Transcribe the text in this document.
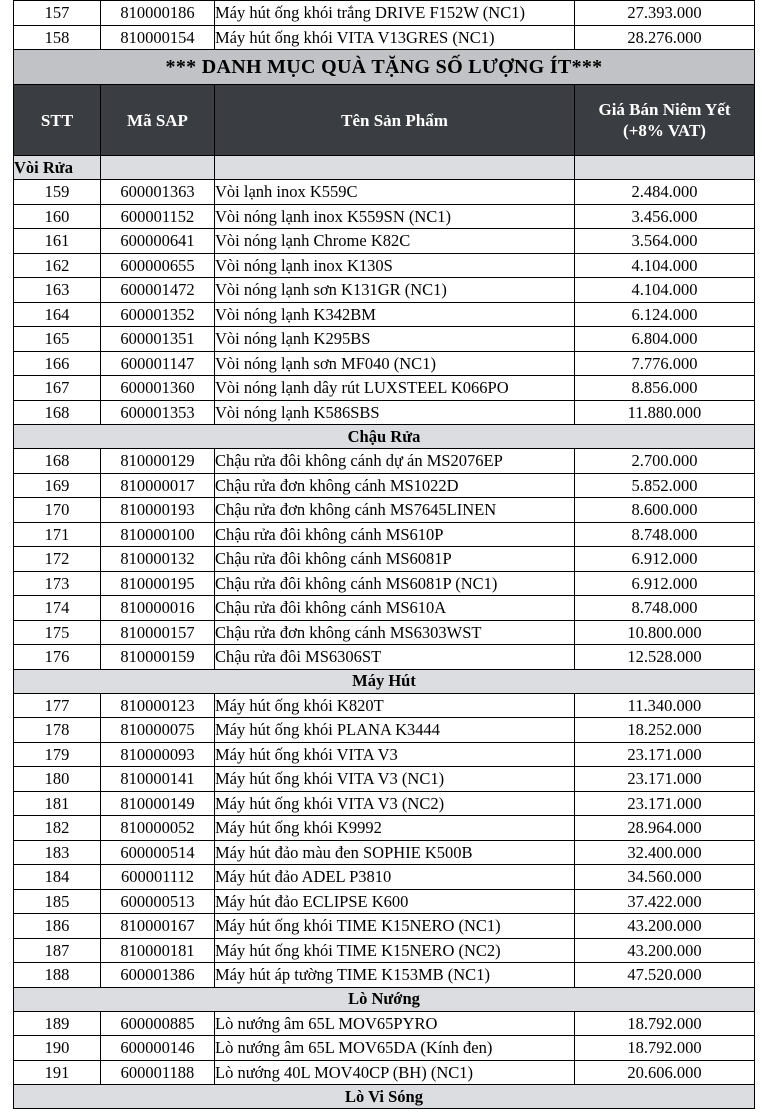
157	810000186	Máy hút ống khói trắng DRIVE F152W (NC1)	27.393.000
158	810000154	Máy hút ống khói VITA V13GRES (NC1)	28.276.000
*** DANH MỤC QUÀ TẶNG SỐ LƯỢNG ÍT***			
STT	Mã SAP	Tên Sản Phẩm	Giá Bán Niêm Yết
(+8% VAT)
Vòi Rửa			
159	600001363	Vòi lạnh inox K559C	2.484.000
160	600001152	Vòi nóng lạnh inox K559SN (NC1)	3.456.000
161	600000641	Vòi nóng lạnh Chrome K82C	3.564.000
162	600000655	Vòi nóng lạnh inox K130S	4.104.000
163	600001472	Vòi nóng lạnh sơn K131GR (NC1)	4.104.000
164	600001352	Vòi nóng lạnh K342BM	6.124.000
165	600001351	Vòi nóng lạnh K295BS	6.804.000
166	600001147	Vòi nóng lạnh sơn MF040 (NC1)	7.776.000
167	600001360	Vòi nóng lạnh dây rút LUXSTEEL K066PO	8.856.000
168	600001353	Vòi nóng lạnh K586SBS	11.880.000
Chậu Rửa			
168	810000129	Chậu rửa đôi không cánh dự án MS2076EP	2.700.000
169	810000017	Chậu rửa đơn không cánh MS1022D	5.852.000
170	810000193	Chậu rửa đơn không cánh MS7645LINEN	8.600.000
171	810000100	Chậu rửa đôi không cánh MS610P	8.748.000
172	810000132	Chậu rửa đôi không cánh MS6081P	6.912.000
173	810000195	Chậu rửa đôi không cánh MS6081P (NC1)	6.912.000
174	810000016	Chậu rửa đôi không cánh MS610A	8.748.000
175	810000157	Chậu rửa đơn không cánh MS6303WST	10.800.000
176	810000159	Chậu rửa đôi MS6306ST	12.528.000
Máy Hút			
177	810000123	Máy hút ống khói K820T	11.340.000
178	810000075	Máy hút ống khói PLANA K3444	18.252.000
179	810000093	Máy hút ống khói VITA V3	23.171.000
180	810000141	Máy hút ống khói VITA V3 (NC1)	23.171.000
181	810000149	Máy hút ống khói VITA V3 (NC2)	23.171.000
182	810000052	Máy hút ống khói K9992	28.964.000
183	600000514	Máy hút đảo màu đen SOPHIE K500B	32.400.000
184	600001112	Máy hút đảo ADEL P3810	34.560.000
185	600000513	Máy hút đảo ECLIPSE K600	37.422.000
186	810000167	Máy hút ống khói TIME K15NERO (NC1)	43.200.000
187	810000181	Máy hút ống khói TIME K15NERO (NC2)	43.200.000
188	600001386	Máy hút áp tường TIME K153MB (NC1)	47.520.000
Lò Nướng			
189	600000885	Lò nướng âm 65L MOV65PYRO	18.792.000
190	600000146	Lò nướng âm 65L MOV65DA (Kính đen)	18.792.000
191	600001188	Lò nướng 40L MOV40CP (BH) (NC1)	20.606.000
Lò Vi Sóng			
